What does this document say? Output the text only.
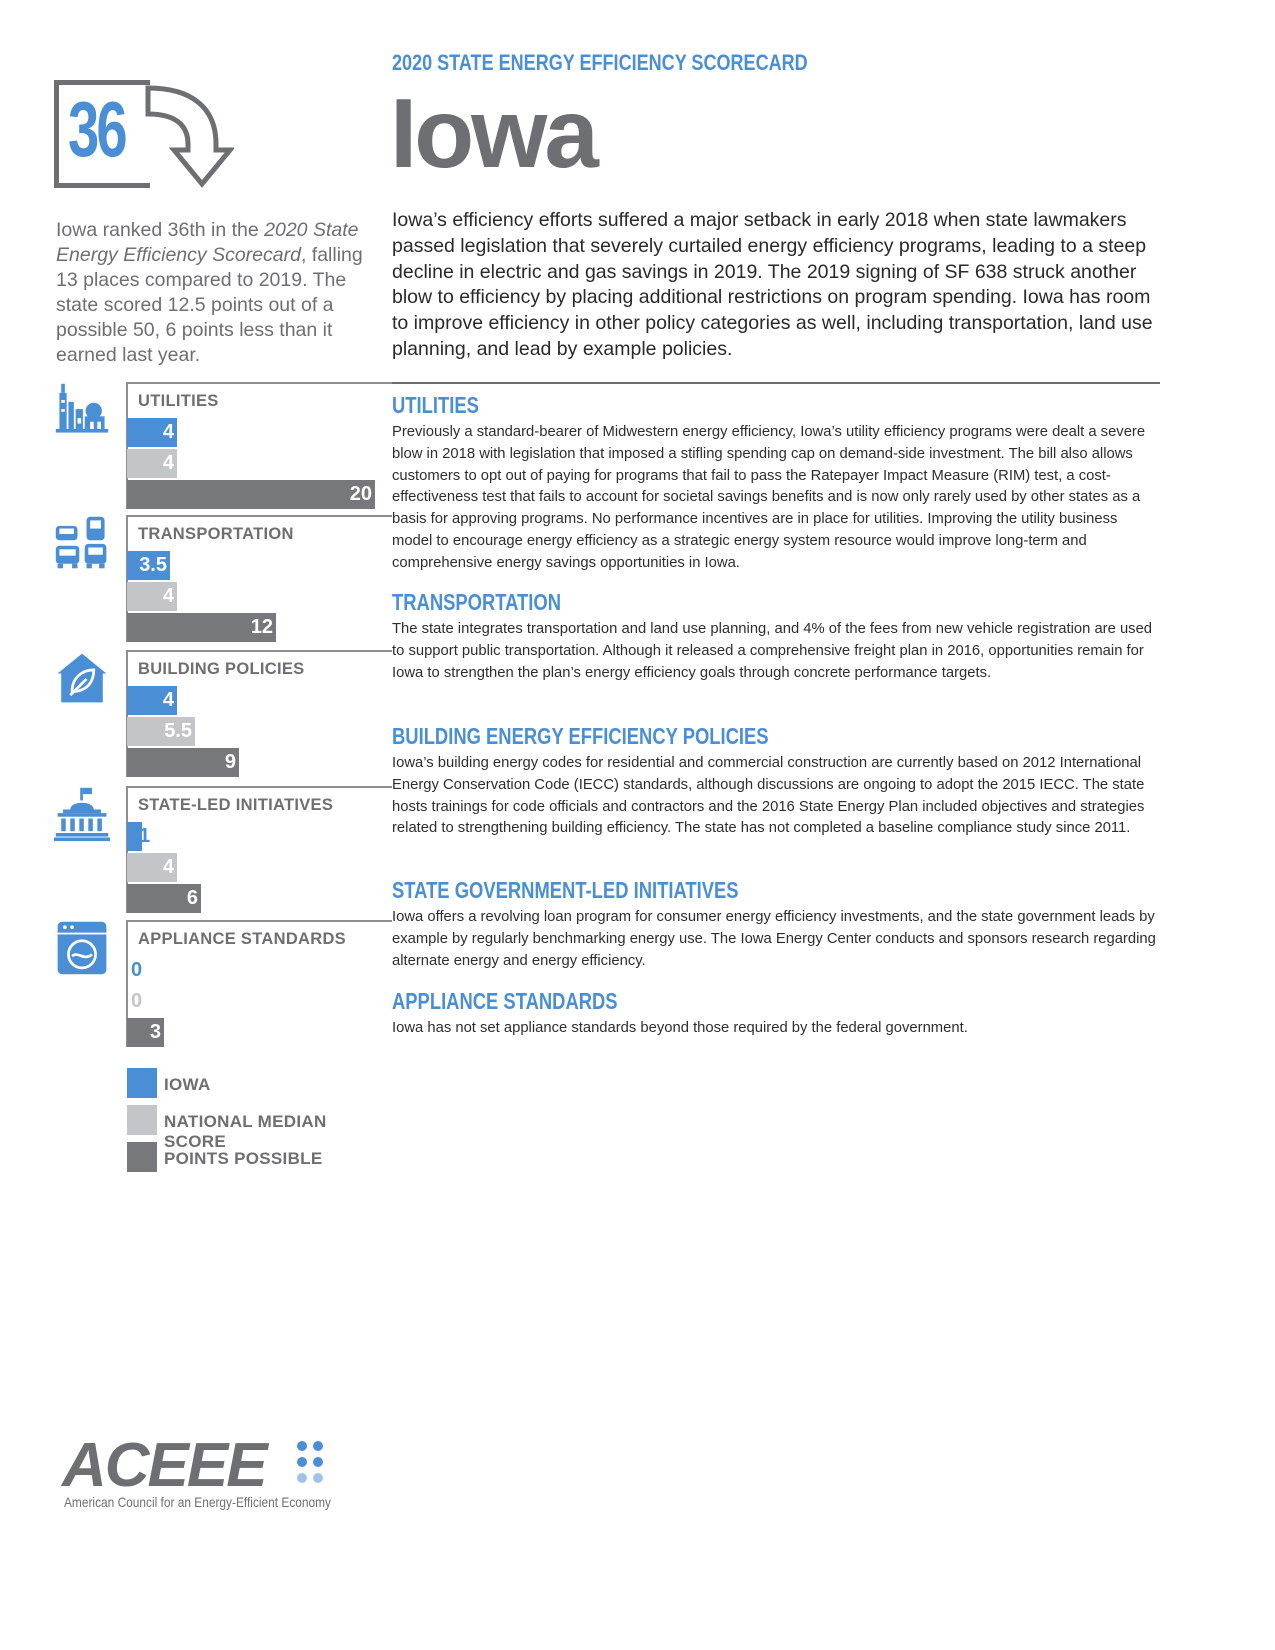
36

Iowa ranked 36th in the 2020 State Energy Efficiency Scorecard, falling 13 places compared to 2019. The state scored 12.5 points out of a possible 50, 6 points less than it earned last year.

UTILITIES
4
4
20
TRANSPORTATION
3.5
4
12
BUILDING POLICIES
4
5.5
9
STATE-LED INITIATIVES
1
4
6
APPLIANCE STANDARDS
0
0
3
IOWA
NATIONAL MEDIAN SCORE
POINTS POSSIBLE
2020 STATE ENERGY EFFICIENCY SCORECARD
Iowa

Iowa’s efficiency efforts suffered a major setback in early 2018 when state lawmakers passed legislation that severely curtailed energy efficiency programs, leading to a steep decline in electric and gas savings in 2019. The 2019 signing of SF 638 struck another blow to efficiency by placing additional restrictions on program spending. Iowa has room to improve efficiency in other policy categories as well, including transportation, land use planning, and lead by example policies.

UTILITIES

Previously a standard-bearer of Midwestern energy efficiency, Iowa’s utility efficiency programs were dealt a severe blow in 2018 with legislation that imposed a stifling spending cap on demand-side investment. The bill also allows customers to opt out of paying for programs that fail to pass the Ratepayer Impact Measure (RIM) test, a cost-effectiveness test that fails to account for societal savings benefits and is now only rarely used by other states as a basis for approving programs. No performance incentives are in place for utilities. Improving the utility business model to encourage energy efficiency as a strategic energy system resource would improve long-term and comprehensive energy savings opportunities in Iowa.

TRANSPORTATION

The state integrates transportation and land use planning, and 4% of the fees from new vehicle registration are used to support public transportation. Although it released a comprehensive freight plan in 2016, opportunities remain for Iowa to strengthen the plan’s energy efficiency goals through concrete performance targets.

BUILDING ENERGY EFFICIENCY POLICIES

Iowa’s building energy codes for residential and commercial construction are currently based on 2012 International Energy Conservation Code (IECC) standards, although discussions are ongoing to adopt the 2015 IECC. The state hosts trainings for code officials and contractors and the 2016 State Energy Plan included objectives and strategies related to strengthening building efficiency. The state has not completed a baseline compliance study since 2011.

STATE GOVERNMENT-LED INITIATIVES

Iowa offers a revolving loan program for consumer energy efficiency investments, and the state government leads by example by regularly benchmarking energy use. The Iowa Energy Center conducts and sponsors research regarding alternate energy and energy efficiency.

APPLIANCE STANDARDS

Iowa has not set appliance standards beyond those required by the federal government.

ACEEE
American Council for an Energy-Efficient Economy
